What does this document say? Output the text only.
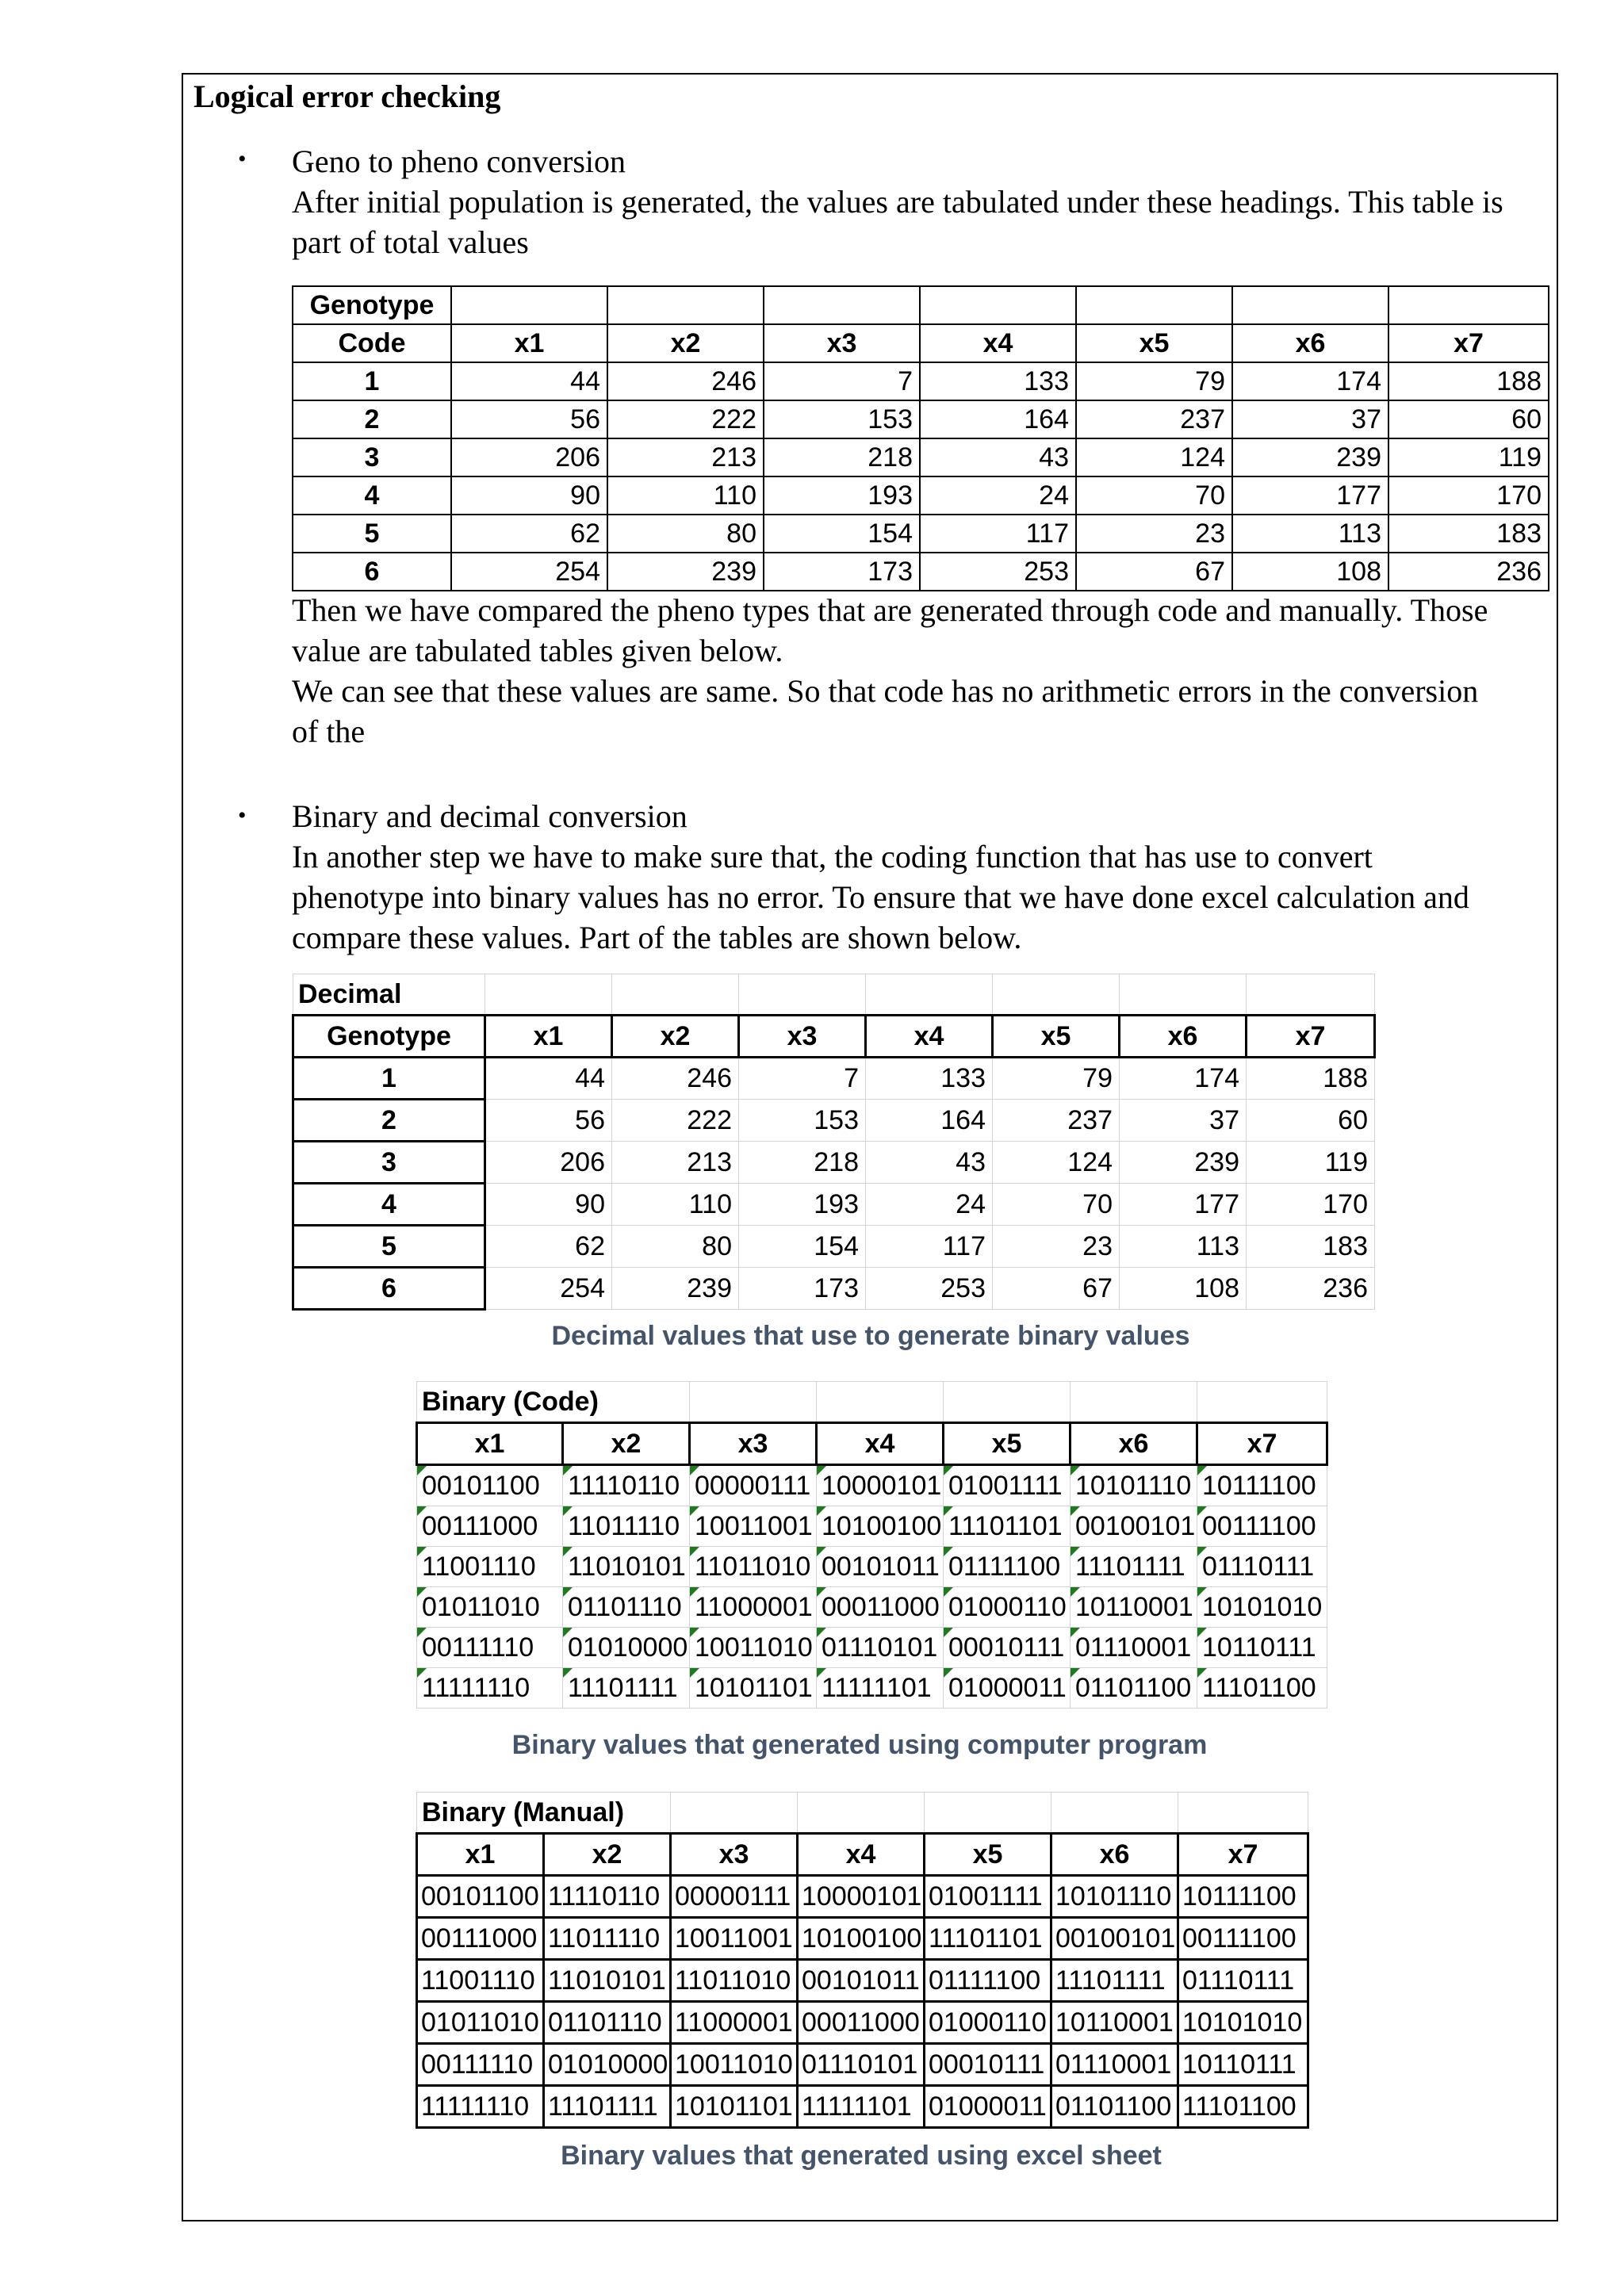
Logical error checking
• Geno to pheno conversion
After initial population is generated, the values are tabulated under these headings. This table is
part of total values
Genotype							
Code	x1	x2	x3	x4	x5	x6	x7
1	44	246	7	133	79	174	188
2	56	222	153	164	237	37	60
3	206	213	218	43	124	239	119
4	90	110	193	24	70	177	170
5	62	80	154	117	23	113	183
6	254	239	173	253	67	108	236
Then we have compared the pheno types that are generated through code and manually. Those
value are tabulated tables given below.
We can see that these values are same. So that code has no arithmetic errors in the conversion
of the
• Binary and decimal conversion
In another step we have to make sure that, the coding function that has use to convert
phenotype into binary values has no error. To ensure that we have done excel calculation and
compare these values. Part of the tables are shown below.
Decimal							
Genotype	x1	x2	x3	x4	x5	x6	x7
1	44	246	7	133	79	174	188
2	56	222	153	164	237	37	60
3	206	213	218	43	124	239	119
4	90	110	193	24	70	177	170
5	62	80	154	117	23	113	183
6	254	239	173	253	67	108	236
Decimal values that use to generate binary values
Binary (Code)						
x1	x2	x3	x4	x5	x6	x7
00101100	11110110	00000111	10000101	01001111	10101110	10111100
00111000	11011110	10011001	10100100	11101101	00100101	00111100
11001110	11010101	11011010	00101011	01111100	11101111	01110111
01011010	01101110	11000001	00011000	01000110	10110001	10101010
00111110	01010000	10011010	01110101	00010111	01110001	10110111
11111110	11101111	10101101	11111101	01000011	01101100	11101100
Binary values that generated using computer program
Binary (Manual)						
x1	x2	x3	x4	x5	x6	x7
00101100	11110110	00000111	10000101	01001111	10101110	10111100
00111000	11011110	10011001	10100100	11101101	00100101	00111100
11001110	11010101	11011010	00101011	01111100	11101111	01110111
01011010	01101110	11000001	00011000	01000110	10110001	10101010
00111110	01010000	10011010	01110101	00010111	01110001	10110111
11111110	11101111	10101101	11111101	01000011	01101100	11101100
Binary values that generated using excel sheet
